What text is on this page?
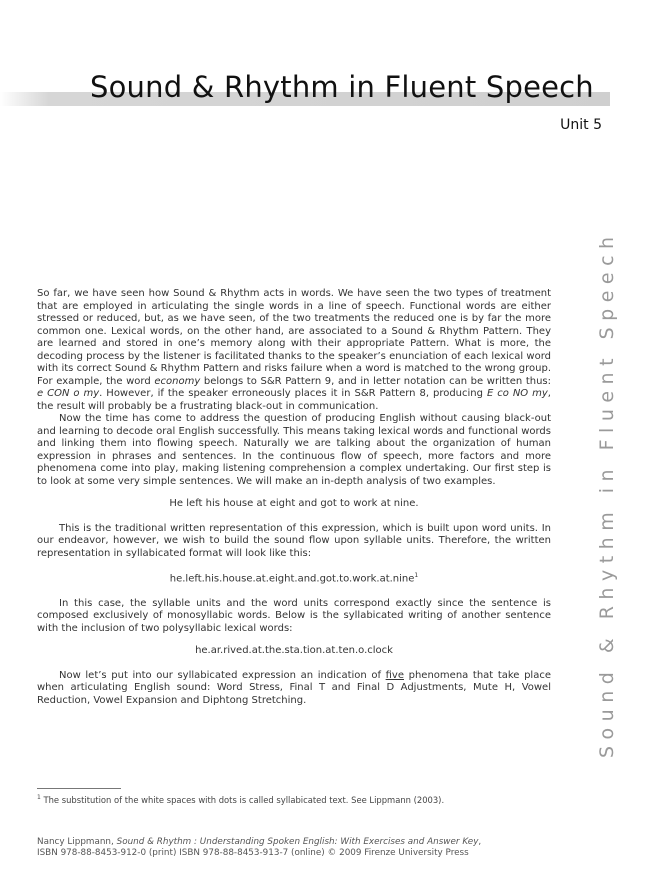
Sound & Rhythm in Fluent Speech
Unit 5
Sound & Rhythm in Fluent Speech

So far, we have seen how Sound & Rhythm acts in words. We have seen the two types of treatment that are employed in articulating the single words in a line of speech. Functional words are either stressed or reduced, but, as we have seen, of the two treatments the reduced one is by far the more common one. Lexical words, on the other hand, are associated to a Sound & Rhythm Pattern. They are learned and stored in one’s memory along with their appropriate Pattern. What is more, the decoding process by the listener is facilitated thanks to the speaker’s enunciation of each lexical word with its correct Sound & Rhythm Pattern and risks failure when a word is matched to the wrong group. For example, the word economy belongs to S&R Pattern 9, and in letter notation can be written thus: e CON o my. However, if the speaker erroneously places it in S&R Pattern 8, producing E co NO my, the result will probably be a frustrating black-out in communication.

Now the time has come to address the question of producing English without causing black-out and learning to decode oral English successfully. This means taking lexical words and functional words and linking them into flowing speech. Naturally we are talking about the organization of human expression in phrases and sentences. In the continuous flow of speech, more factors and more phenomena come into play, making listening comprehension a complex undertaking. Our first step is to look at some very simple sentences. We will make an in-depth analysis of two examples.

He left his house at eight and got to work at nine.

This is the traditional written representation of this expression, which is built upon word units. In our endeavor, however, we wish to build the sound flow upon syllable units. Therefore, the written representation in syllabicated format will look like this:

he.left.his.house.at.eight.and.got.to.work.at.nine$^1$

In this case, the syllable units and the word units correspond exactly since the sentence is composed exclusively of monosyllabic words. Below is the syllabicated writing of another sentence with the inclusion of two polysyllabic lexical words:

he.ar.rived.at.the.sta.tion.at.ten.o.clock

Now let’s put into our syllabicated expression an indication of five phenomena that take place when articulating English sound: Word Stress, Final T and Final D Adjustments, Mute H, Vowel Reduction, Vowel Expansion and Diphtong Stretching.

$^1$ The substitution of the white spaces with dots is called syllabicated text. See Lippmann (2003).
Nancy Lippmann, Sound & Rhythm : Understanding Spoken English: With Exercises and Answer Key,
ISBN 978-88-8453-912-0 (print) ISBN 978-88-8453-913-7 (online) © 2009 Firenze University Press
